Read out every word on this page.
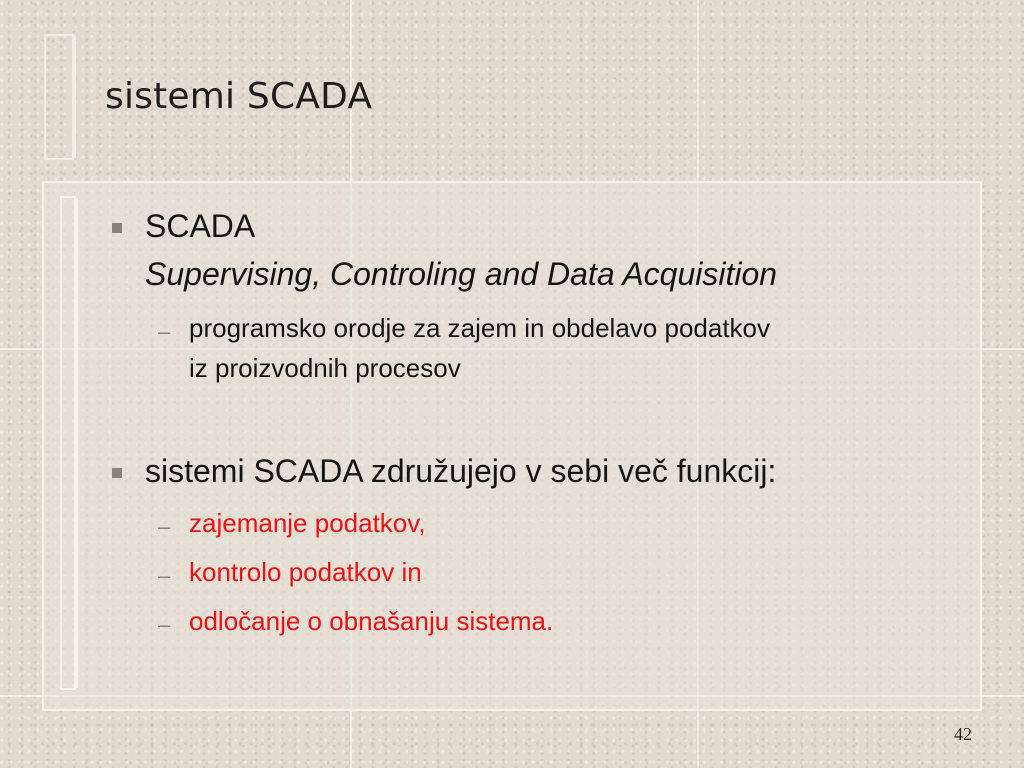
sistemi SCADA
SCADA
Supervising, Controling and Data Acquisition
– programsko orodje za zajem in obdelavo podatkov
iz proizvodnih procesov
sistemi SCADA združujejo v sebi več funkcij:
– zajemanje podatkov,
– kontrolo podatkov in
– odločanje o obnašanju sistema.
42
